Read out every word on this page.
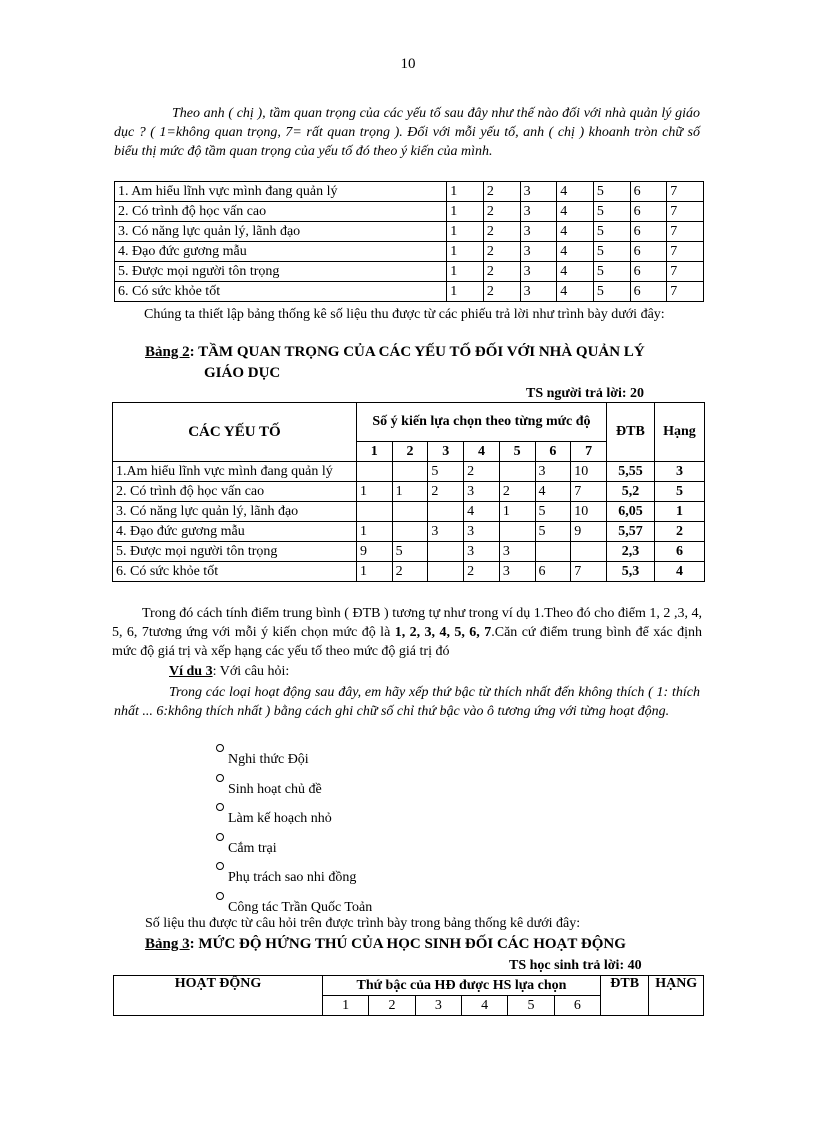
10
Theo anh ( chị ), tầm quan trọng của các yếu tố sau đây như thế nào đối với nhà quản lý giáo dục ? ( 1=không quan trọng, 7= rất quan trọng ). Đối với mỗi yếu tố, anh ( chị ) khoanh tròn chữ số biểu thị mức độ tầm quan trọng của yếu tố đó theo ý kiến của mình.
1. Am hiểu lĩnh vực mình đang quản lý	1	2	3	4	5	6	7
2. Có trình độ học vấn cao	1	2	3	4	5	6	7
3. Có năng lực quản lý, lãnh đạo	1	2	3	4	5	6	7
4. Đạo đức gương mẫu	1	2	3	4	5	6	7
5. Được mọi người tôn trọng	1	2	3	4	5	6	7
6. Có sức khỏe tốt	1	2	3	4	5	6	7
Chúng ta thiết lập bảng thống kê số liệu thu được từ các phiếu trả lời như trình bày dưới đây:
Bảng 2: TẦM QUAN TRỌNG CỦA CÁC YẾU TỐ ĐỐI VỚI NHÀ QUẢN LÝ
GIÁO DỤC
TS người trả lời: 20
CÁC YẾU TỐ	Số ý kiến lựa chọn theo từng mức độ							ĐTB	Hạng
	1	2	3	4	5	6	7		
1.Am hiểu lĩnh vực mình đang quản lý			5	2		3	10	5,55	3
2. Có trình độ học vấn cao	1	1	2	3	2	4	7	5,2	5
3. Có năng lực quản lý, lãnh đạo				4	1	5	10	6,05	1
4. Đạo đức gương mẫu	1		3	3		5	9	5,57	2
5. Được mọi người tôn trọng	9	5		3	3			2,3	6
6. Có sức khỏe tốt	1	2		2	3	6	7	5,3	4
Trong đó cách tính điểm trung bình ( ĐTB ) tương tự như trong ví dụ 1.Theo đó cho điểm 1, 2 ,3, 4, 5, 6, 7tương ứng với mỗi ý kiến chọn mức độ là 1, 2, 3, 4, 5, 6, 7.Căn cứ điểm trung bình để xác định mức độ giá trị và xếp hạng các yếu tố theo mức độ giá trị đó
Ví du 3: Với câu hỏi:
Trong các loại hoạt động sau đây, em hãy xếp thứ bậc từ thích nhất đến không thích ( 1: thích nhất ... 6:không thích nhất ) bằng cách ghi chữ số chỉ thứ bậc vào ô tương ứng với từng hoạt động.
Nghi thức Đội
Sinh hoạt chủ đề
Làm kế hoạch nhỏ
Cắm trại
Phụ trách sao nhi đồng
Công tác Trần Quốc Toản
Số liệu thu được từ câu hỏi trên được trình bày trong bảng thống kê dưới đây:
Bảng 3: MỨC ĐỘ HỨNG THÚ CỦA HỌC SINH ĐỐI CÁC HOẠT ĐỘNG
TS học sinh trả lời: 40
HOẠT ĐỘNG	Thứ bậc của HĐ được HS lựa chọn						ĐTB	HẠNG
	1	2	3	4	5	6		
